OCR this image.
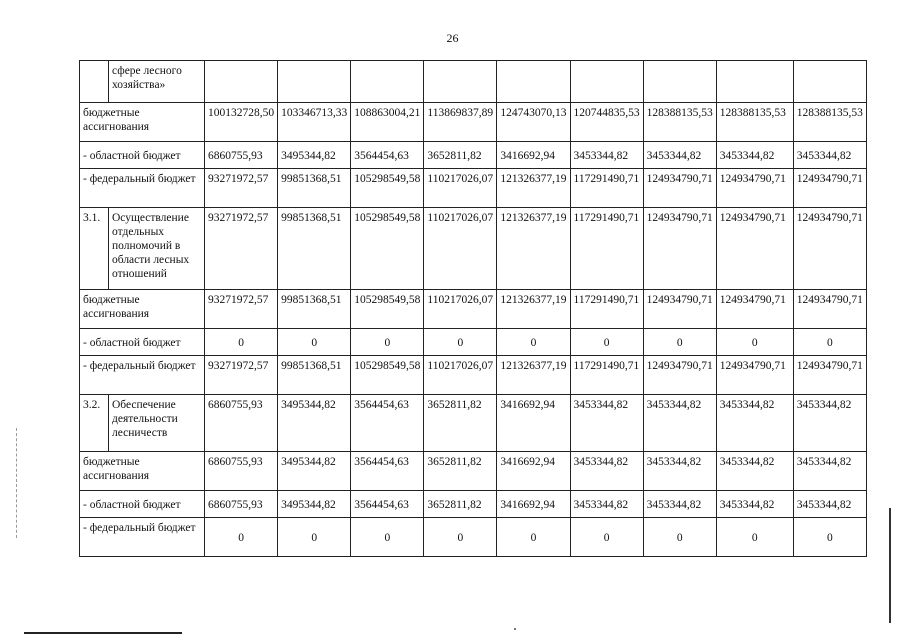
26
	сфере лесного хозяйства»									
бюджетные ассигнования		100132728,50	103346713,33	108863004,21	113869837,89	124743070,13	120744835,53	128388135,53	128388135,53	128388135,53
- областной бюджет		6860755,93	3495344,82	3564454,63	3652811,82	3416692,94	3453344,82	3453344,82	3453344,82	3453344,82
- федеральный бюджет		93271972,57	99851368,51	105298549,58	110217026,07	121326377,19	117291490,71	124934790,71	124934790,71	124934790,71
3.1.	Осуществление отдельных полномочий в области лесных отношений	93271972,57	99851368,51	105298549,58	110217026,07	121326377,19	117291490,71	124934790,71	124934790,71	124934790,71
бюджетные ассигнования		93271972,57	99851368,51	105298549,58	110217026,07	121326377,19	117291490,71	124934790,71	124934790,71	124934790,71
- областной бюджет		0	0	0	0	0	0	0	0	0
- федеральный бюджет		93271972,57	99851368,51	105298549,58	110217026,07	121326377,19	117291490,71	124934790,71	124934790,71	124934790,71
3.2.	Обеспечение деятельности лесничеств	6860755,93	3495344,82	3564454,63	3652811,82	3416692,94	3453344,82	3453344,82	3453344,82	3453344,82
бюджетные ассигнования		6860755,93	3495344,82	3564454,63	3652811,82	3416692,94	3453344,82	3453344,82	3453344,82	3453344,82
- областной бюджет		6860755,93	3495344,82	3564454,63	3652811,82	3416692,94	3453344,82	3453344,82	3453344,82	3453344,82
- федеральный бюджет		0	0	0	0	0	0	0	0	0
